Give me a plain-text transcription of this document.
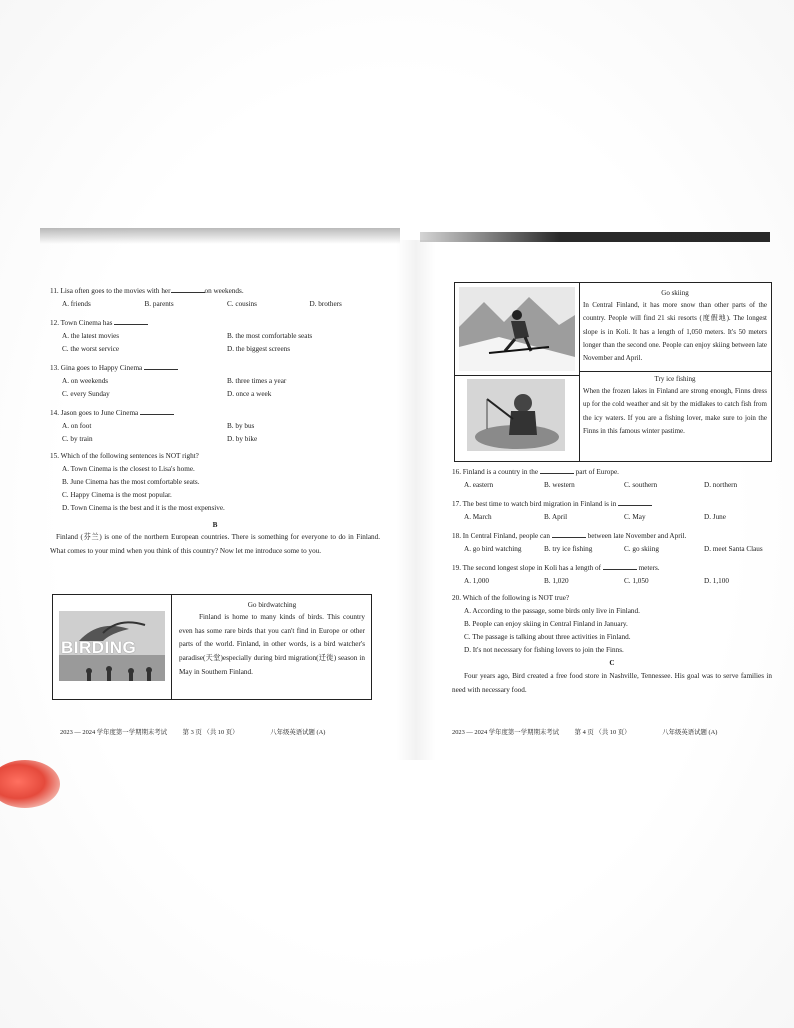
11. Lisa often goes to the movies with her	on weekends.
A. friends	B. parents	C. cousins	D. brothers
12. Town Cinema has
A. the latest movies	B. the most comfortable seats
C. the worst service	D. the biggest screens
13. Gina goes to Happy Cinema
A. on weekends	B. three times a year
C. every Sunday	D. once a week
14. Jason goes to June Cinema
A. on foot	B. by bus
C. by train	D. by bike
15. Which of the following sentences is NOT right?
A. Town Cinema is the closest to Lisa's home.
B. June Cinema has the most comfortable seats.
C. Happy Cinema is the most popular.
D. Town Cinema is the best and it is the most expensive.
B

Finland (芬兰) is one of the northern European countries. There is something for everyone to do in Finland. What comes to your mind when you think of this country? Now let me introduce some to you.

BIRDING
Go birdwatching
Finland is home to many kinds of birds. This country even has some rare birds that you can't find in Europe or other parts of the world. Finland, in other words, is a bird watcher's paradise(天堂)especially during bird migration(迁徙) season in May in Southern Finland.
2023 — 2024 学年度第一学期期末考试 第 3 页 （共 10 页）	八年级英语试题 (A)
Go skiing
In Central Finland, it has more snow than other parts of the country. People will find 21 ski resorts (度假地). The longest slope is in Koli. It has a length of 1,050 meters. It's 50 meters longer than the second one. People can enjoy skiing between late November and April.
Try ice fishing
When the frozen lakes in Finland are strong enough, Finns dress up for the cold weather and sit by the midlakes to catch fish from the icy waters. If you are a fishing lover, make sure to join the Finns in this famous winter pastime.
16. Finland is a country in the	part of Europe.
A. eastern	B. western	C. southern	D. northern
17. The best time to watch bird migration in Finland is in
A. March	B. April	C. May	D. June
18. In Central Finland, people can	between late November and April.
A. go bird watching	B. try ice fishing	C. go skiing	D. meet Santa Claus
19. The second longest slope in Koli has a length of	meters.
A. 1,000	B. 1,020	C. 1,050	D. 1,100
20. Which of the following is NOT true?
A. According to the passage, some birds only live in Finland.
B. People can enjoy skiing in Central Finland in January.
C. The passage is talking about three activities in Finland.
D. It's not necessary for fishing lovers to join the Finns.
C

Four years ago, Bird created a free food store in Nashville, Tennessee. His goal was to serve families in need with necessary food.

2023 — 2024 学年度第一学期期末考试 第 4 页 （共 10 页）	八年级英语试题 (A)
